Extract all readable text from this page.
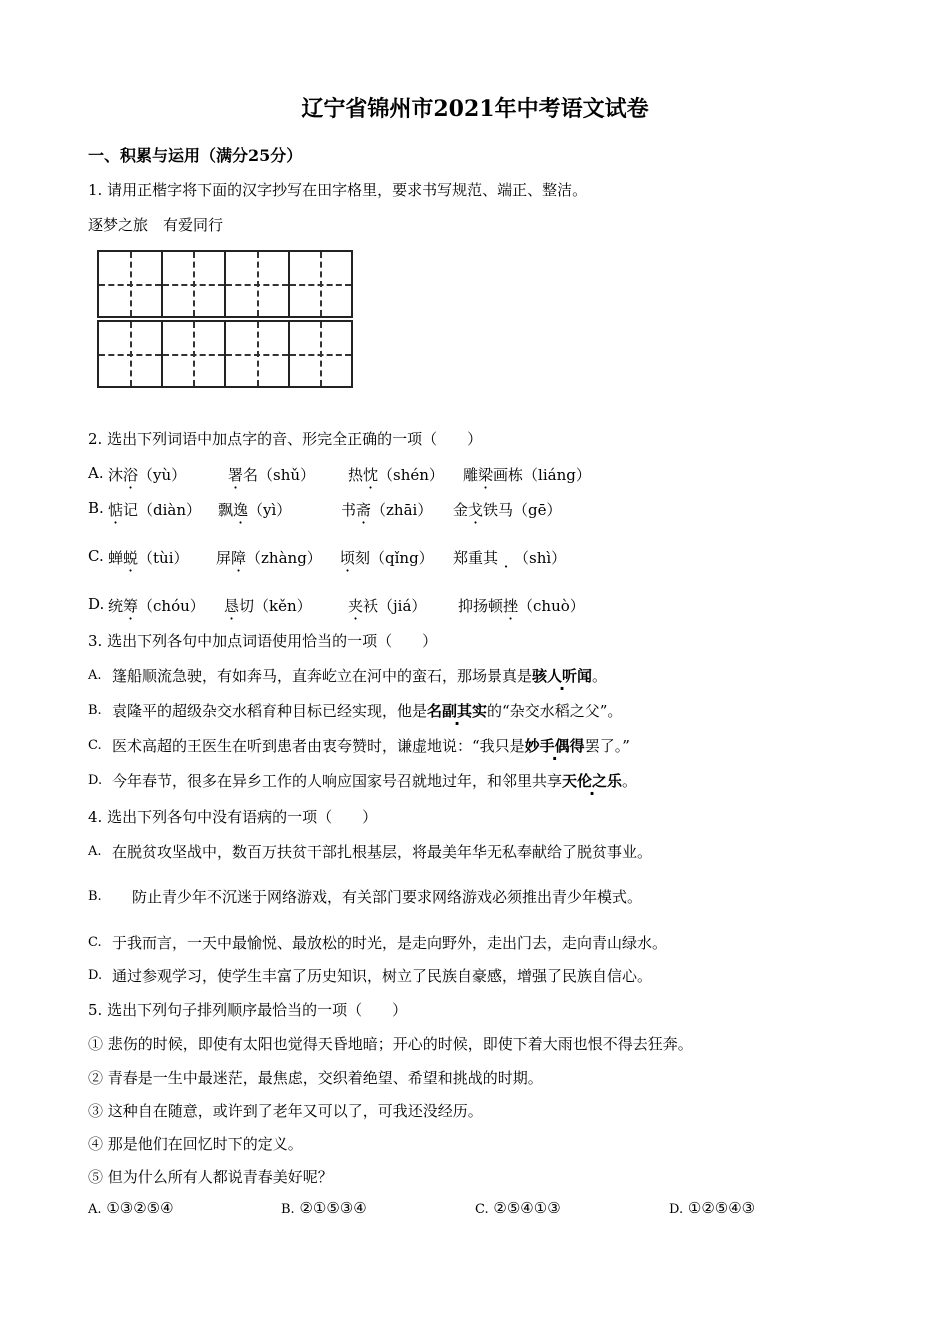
辽宁省锦州市2021年中考语文试卷
一、积累与运用（满分25分）
1. 请用正楷字将下面的汉字抄写在田字格里，要求书写规范、端正、整洁。
逐梦之旅　有爱同行
2. 选出下列词语中加点字的音、形完全正确的一项（　　）
A. 沐浴（yù）	署名（shǔ） 热忱（shén） 雕梁画栋（liáng）
B. 惦记（diàn） 飘逸（yì）	书斋（zhāi） 金戈铁马（gē）
C. 蝉蜕（tùi） 屏障（zhàng） 顷刻（qǐng） 郑重其 （shì）
D. 统筹（chóu） 恳切（kěn） 夹袄（jiá） 抑扬顿挫（chuò）
3. 选出下列各句中加点词语使用恰当的一项（　　）
A. 篷船顺流急驶，有如奔马，直奔屹立在河中的蛮石，那场景真是骇人听闻。
B. 袁隆平的超级杂交水稻育种目标已经实现，他是名副其实的“杂交水稻之父”。
C. 医术高超的王医生在听到患者由衷夸赞时，谦虚地说：“我只是妙手偶得罢了。”
D. 今年春节，很多在异乡工作的人响应国家号召就地过年，和邻里共享天伦之乐。
4. 选出下列各句中没有语病的一项（　　）
A. 在脱贫攻坚战中，数百万扶贫干部扎根基层，将最美年华无私奉献给了脱贫事业。
B. 防止青少年不沉迷于网络游戏，有关部门要求网络游戏必须推出青少年模式。
C. 于我而言，一天中最愉悦、最放松的时光，是走向野外，走出门去，走向青山绿水。
D. 通过参观学习，使学生丰富了历史知识，树立了民族自豪感，增强了民族自信心。
5. 选出下列句子排列顺序最恰当的一项（　　）
① 悲伤的时候，即使有太阳也觉得天昏地暗；开心的时候，即使下着大雨也恨不得去狂奔。
② 青春是一生中最迷茫，最焦虑，交织着绝望、希望和挑战的时期。
③ 这种自在随意，或许到了老年又可以了，可我还没经历。
④ 那是他们在回忆时下的定义。
⑤ 但为什么所有人都说青春美好呢？
A. ①③②⑤④	B. ②①⑤③④	C. ②⑤④①③	D. ①②⑤④③
